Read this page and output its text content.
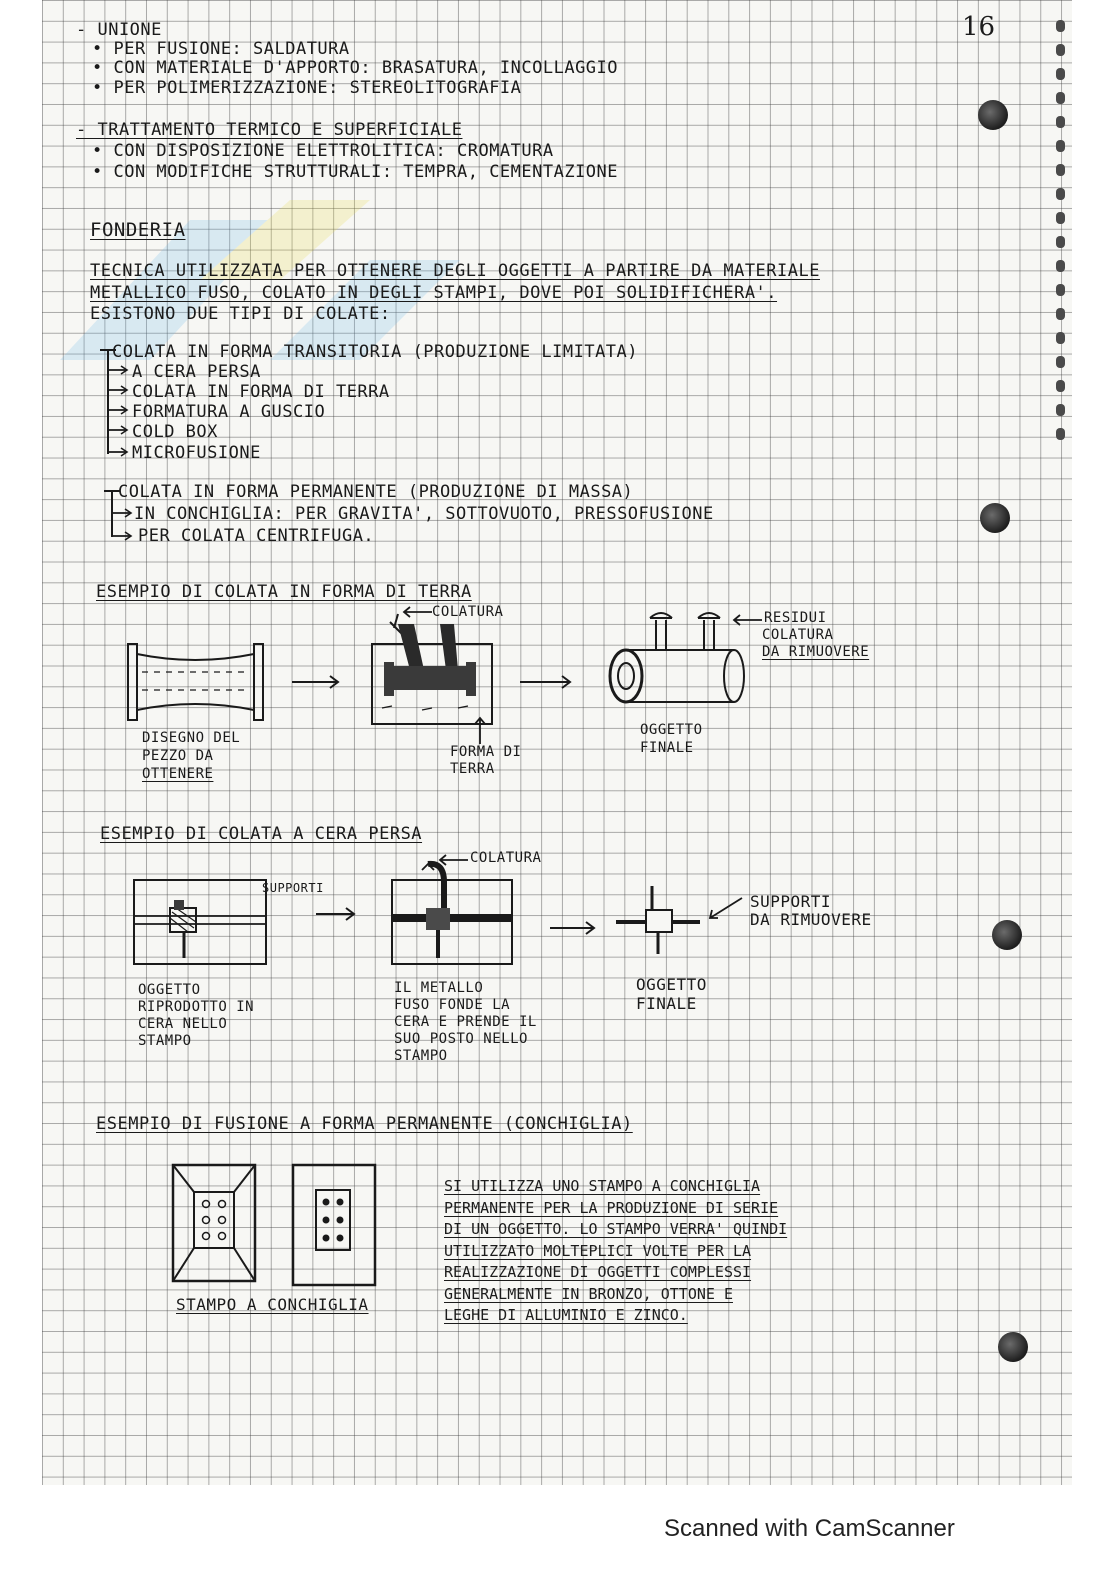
16
- UNIONE
• PER FUSIONE: SALDATURA
• CON MATERIALE D'APPORTO: BRASATURA, INCOLLAGGIO
• PER POLIMERIZZAZIONE: STEREOLITOGRAFIA
- TRATTAMENTO TERMICO E SUPERFICIALE
• CON DISPOSIZIONE ELETTROLITICA: CROMATURA
• CON MODIFICHE STRUTTURALI: TEMPRA, CEMENTAZIONE
FONDERIA
TECNICA UTILIZZATA PER OTTENERE DEGLI OGGETTI A PARTIRE DA MATERIALE
METALLICO FUSO, COLATO IN DEGLI STAMPI, DOVE POI SOLIDIFICHERA'.
ESISTONO DUE TIPI DI COLATE:
COLATA IN FORMA TRANSITORIA (PRODUZIONE LIMITATA)
A CERA PERSA
COLATA IN FORMA DI TERRA
FORMATURA A GUSCIO
COLD BOX
MICROFUSIONE
COLATA IN FORMA PERMANENTE (PRODUZIONE DI MASSA)
IN CONCHIGLIA: PER GRAVITA', SOTTOVUOTO, PRESSOFUSIONE
PER COLATA CENTRIFUGA.
ESEMPIO DI COLATA IN FORMA DI TERRA
COLATURA	RESIDUI
COLATURA
DA RIMUOVERE
DISEGNO DEL
PEZZO DA
OTTENERE
FORMA DI
TERRA
OGGETTO
FINALE
ESEMPIO DI COLATA A CERA PERSA
SUPPORTI
COLATURA
SUPPORTI
DA RIMUOVERE
OGGETTO
RIPRODOTTO IN
CERA NELLO
STAMPO
IL METALLO
FUSO FONDE LA
CERA E PRENDE IL
SUO POSTO NELLO
STAMPO
OGGETTO
FINALE
ESEMPIO DI FUSIONE A FORMA PERMANENTE (CONCHIGLIA)
STAMPO A CONCHIGLIA
SI UTILIZZA UNO STAMPO A CONCHIGLIA
PERMANENTE PER LA PRODUZIONE DI SERIE
DI UN OGGETTO. LO STAMPO VERRA' QUINDI
UTILIZZATO MOLTEPLICI VOLTE PER LA
REALIZZAZIONE DI OGGETTI COMPLESSI
GENERALMENTE IN BRONZO, OTTONE E
LEGHE DI ALLUMINIO E ZINCO.
Scanned with CamScanner
